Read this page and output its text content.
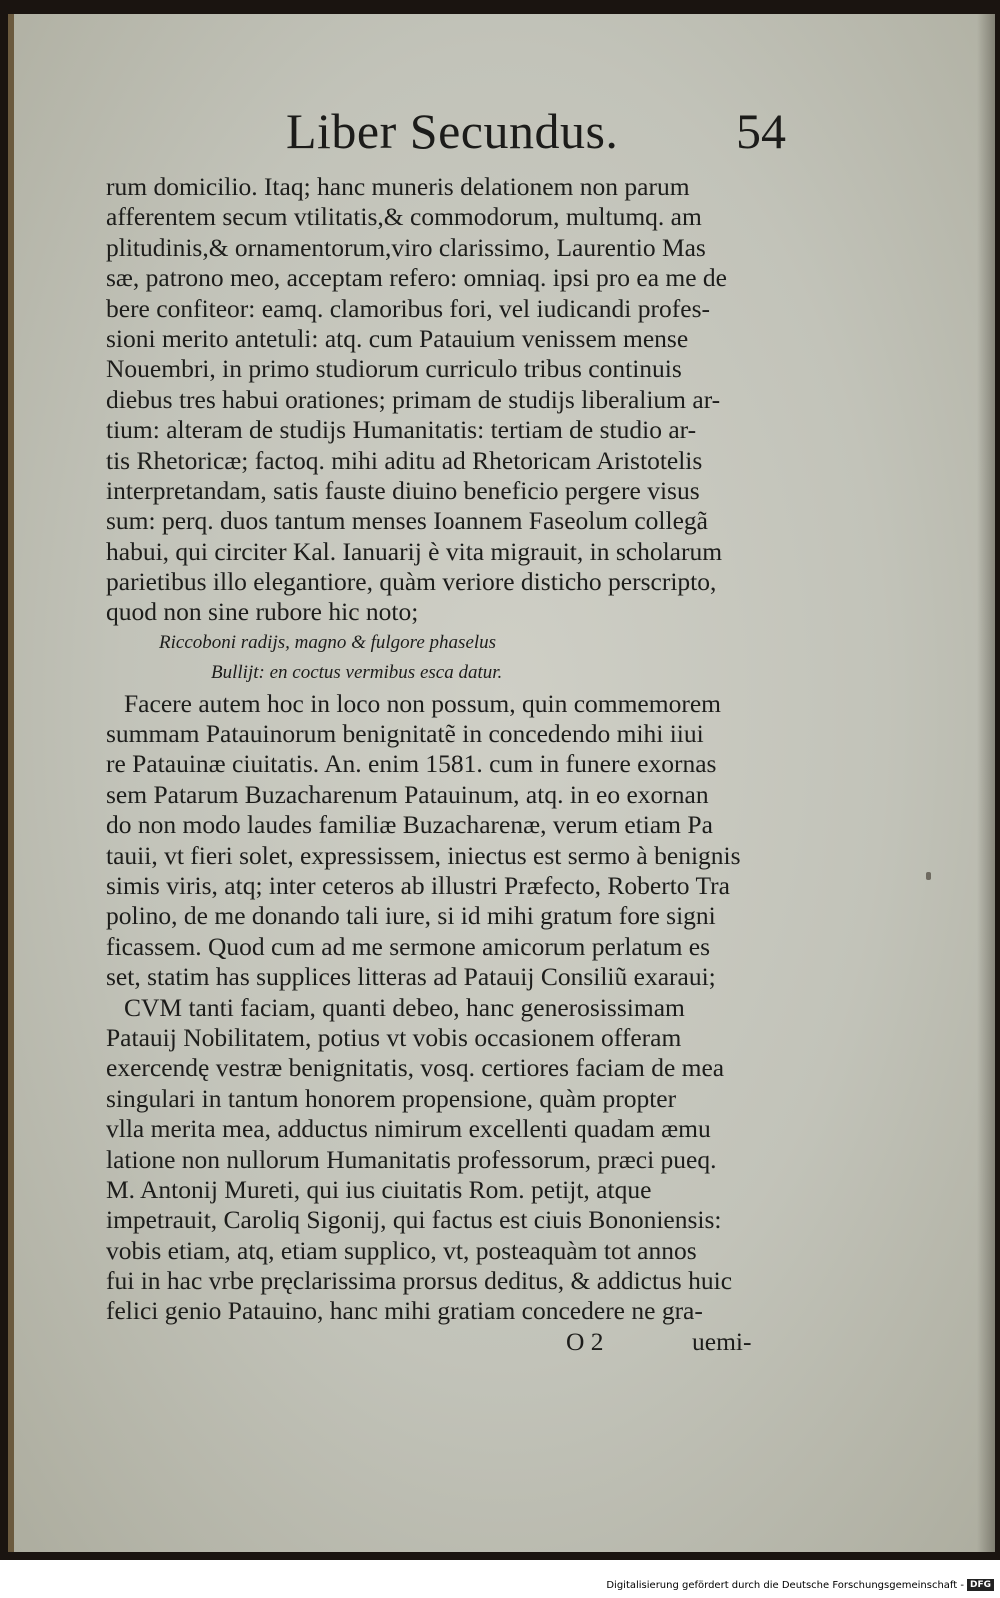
Liber Secundus. 54
rum domicilio. Itaq; hanc muneris delationem non parum
afferentem secum vtilitatis,& commodorum, multumq. am
plitudinis,& ornamentorum,viro clarissimo, Laurentio Mas
sæ, patrono meo, acceptam refero: omniaq. ipsi pro ea me de
bere confiteor: eamq. clamoribus fori, vel iudicandi profes-
sioni merito antetuli: atq. cum Patauium venissem mense
Nouembri, in primo studiorum curriculo tribus continuis
diebus tres habui orationes; primam de studijs liberalium ar-
tium: alteram de studijs Humanitatis: tertiam de studio ar-
tis Rhetoricæ; factoq. mihi aditu ad Rhetoricam Aristotelis
interpretandam, satis fauste diuino beneficio pergere visus
sum: perq. duos tantum menses Ioannem Faseolum collegã
habui, qui circiter Kal. Ianuarij è vita migrauit, in scholarum
parietibus illo elegantiore, quàm veriore disticho perscripto,
quod non sine rubore hic noto;
Riccoboni radijs, magno & fulgore phaselus
Bullijt: en coctus vermibus esca datur.
Facere autem hoc in loco non possum, quin commemorem
summam Patauinorum benignitatẽ in concedendo mihi iiui
re Patauinæ ciuitatis. An. enim 1581. cum in funere exornas
sem Patarum Buzacharenum Patauinum, atq. in eo exornan
do non modo laudes familiæ Buzacharenæ, verum etiam Pa
tauii, vt fieri solet, expressissem, iniectus est sermo à benignis
simis viris, atq; inter ceteros ab illustri Præfecto, Roberto Tra
polino, de me donando tali iure, si id mihi gratum fore signi
ficassem. Quod cum ad me sermone amicorum perlatum es
set, statim has supplices litteras ad Patauij Consiliũ exaraui;
CVM tanti faciam, quanti debeo, hanc generosissimam
Patauij Nobilitatem, potius vt vobis occasionem offeram
exercendę vestræ benignitatis, vosq. certiores faciam de mea
singulari in tantum honorem propensione, quàm propter
vlla merita mea, adductus nimirum excellenti quadam æmu
latione non nullorum Humanitatis professorum, præci pueq.
M. Antonij Mureti, qui ius ciuitatis Rom. petijt, atque
impetrauit, Caroliq Sigonij, qui factus est ciuis Bononiensis:
vobis etiam, atq, etiam supplico, vt, posteaquàm tot annos
fui in hac vrbe pręclarissima prorsus deditus, & addictus huic
felici genio Patauino, hanc mihi gratiam concedere ne gra-
O 2	uemi-
Digitalisierung gefördert durch die Deutsche Forschungsgemeinschaft - DFG
